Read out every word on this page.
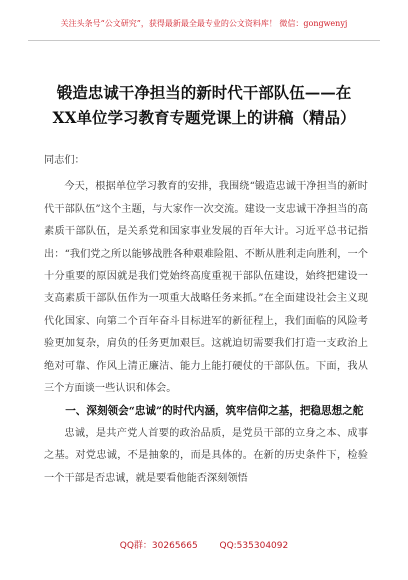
关注头条号“公文研究”，获得最新最全最专业的公文资料库！ 微信：gongwenyj
锻造忠诚干净担当的新时代干部队伍——在
XX单位学习教育专题党课上的讲稿（精品）

同志们：

今天，根据单位学习教育的安排，我围绕“锻造忠诚干净担当的新时代干部队伍”这个主题，与大家作一次交流。建设一支忠诚干净担当的高素质干部队伍，是关系党和国家事业发展的百年大计。习近平总书记指出：“我们党之所以能够战胜各种艰难险阻、不断从胜利走向胜利，一个十分重要的原因就是我们党始终高度重视干部队伍建设，始终把建设一支高素质干部队伍作为一项重大战略任务来抓。”在全面建设社会主义现代化国家、向第二个百年奋斗目标进军的新征程上，我们面临的风险考验更加复杂，肩负的任务更加艰巨。这就迫切需要我们打造一支政治上绝对可靠、作风上清正廉洁、能力上能打硬仗的干部队伍。下面，我从三个方面谈一些认识和体会。

一、深刻领会“忠诚”的时代内涵，筑牢信仰之基，把稳思想之舵

忠诚，是共产党人首要的政治品质，是党员干部的立身之本、成事之基。对党忠诚，不是抽象的，而是具体的。在新的历史条件下，检验一个干部是否忠诚，就是要看他能否深刻领悟

QQ群：30265665 QQ:535304092
